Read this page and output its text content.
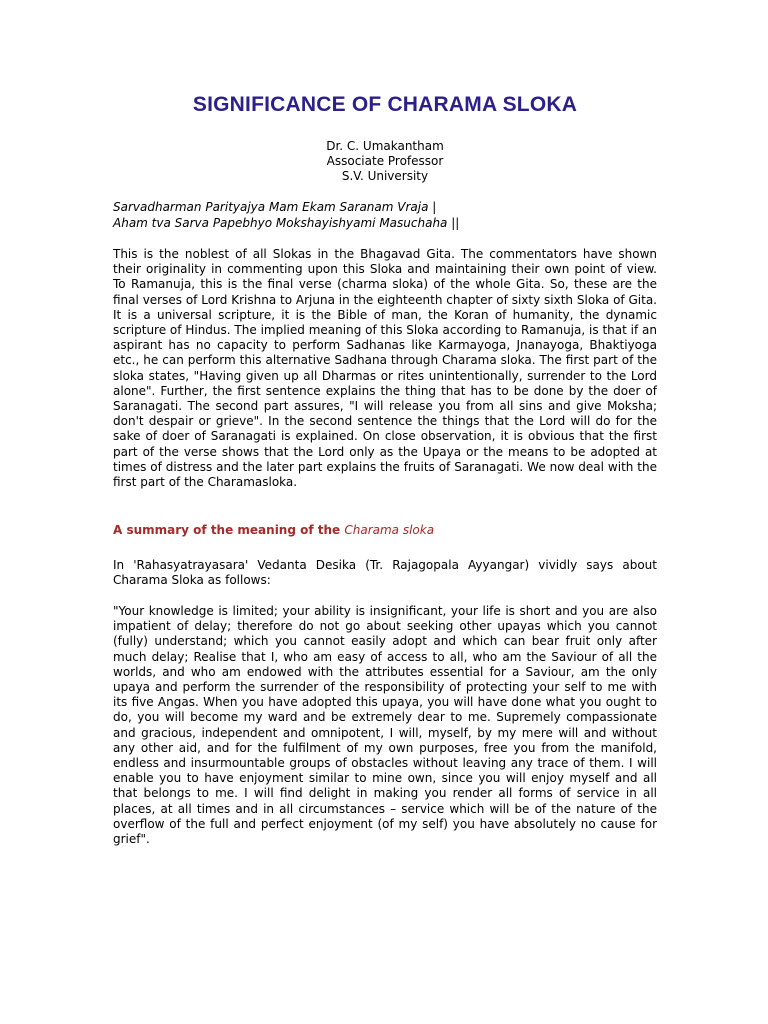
SIGNIFICANCE OF CHARAMA SLOKA
Dr. C. Umakantham
Associate Professor
S.V. University
Sarvadharman Parityajya Mam Ekam Saranam Vraja |
Aham tva Sarva Papebhyo Mokshayishyami Masuchaha ||

This is the noblest of all Slokas in the Bhagavad Gita. The commentators have shown their originality in commenting upon this Sloka and maintaining their own point of view. To Ramanuja, this is the final verse (charma sloka) of the whole Gita. So, these are the final verses of Lord Krishna to Arjuna in the eighteenth chapter of sixty sixth Sloka of Gita. It is a universal scripture, it is the Bible of man, the Koran of humanity, the dynamic scripture of Hindus. The implied meaning of this Sloka according to Ramanuja, is that if an aspirant has no capacity to perform Sadhanas like Karmayoga, Jnanayoga, Bhaktiyoga etc., he can perform this alternative Sadhana through Charama sloka. The first part of the sloka states, "Having given up all Dharmas or rites unintentionally, surrender to the Lord alone". Further, the first sentence explains the thing that has to be done by the doer of Saranagati. The second part assures, "I will release you from all sins and give Moksha; don't despair or grieve". In the second sentence the things that the Lord will do for the sake of doer of Saranagati is explained. On close observation, it is obvious that the first part of the verse shows that the Lord only as the Upaya or the means to be adopted at times of distress and the later part explains the fruits of Saranagati. We now deal with the first part of the Charamasloka.

A summary of the meaning of the Charama sloka

In 'Rahasyatrayasara' Vedanta Desika (Tr. Rajagopala Ayyangar) vividly says about Charama Sloka as follows:

"Your knowledge is limited; your ability is insignificant, your life is short and you are also impatient of delay; therefore do not go about seeking other upayas which you cannot (fully) understand; which you cannot easily adopt and which can bear fruit only after much delay; Realise that I, who am easy of access to all, who am the Saviour of all the worlds, and who am endowed with the attributes essential for a Saviour, am the only upaya and perform the surrender of the responsibility of protecting your self to me with its five Angas. When you have adopted this upaya, you will have done what you ought to do, you will become my ward and be extremely dear to me. Supremely compassionate and gracious, independent and omnipotent, I will, myself, by my mere will and without any other aid, and for the fulfilment of my own purposes, free you from the manifold, endless and insurmountable groups of obstacles without leaving any trace of them. I will enable you to have enjoyment similar to mine own, since you will enjoy myself and all that belongs to me. I will find delight in making you render all forms of service in all places, at all times and in all circumstances – service which will be of the nature of the overflow of the full and perfect enjoyment (of my self) you have absolutely no cause for grief".
